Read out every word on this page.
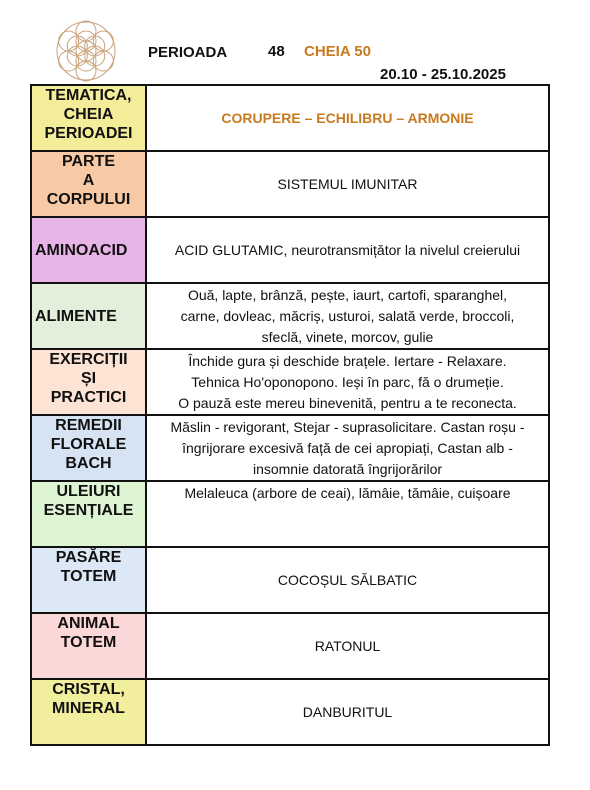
PERIOADA	48 CHEIA 50
20.10 - 25.10.2025
TEMATICA,
CHEIA
PERIOADEI	CORUPERE – ECHILIBRU – ARMONIE

PARTE
A
CORPULUI	SISTEMUL IMUNITAR

AMINOACID	ACID GLUTAMIC, neurotransmițător la nivelul creierului

ALIMENTE	Ouă, lapte, brânză, pește, iaurt, cartofi, sparanghel,
carne, dovleac, măcriș, usturoi, salată verde, broccoli,
sfeclă, vinete, morcov, gulie

EXERCIȚII
ȘI
PRACTICI	Închide gura și deschide brațele. Iertare - Relaxare.
Tehnica Ho'oponopono. Ieși în parc, fă o drumeție.
O pauză este mereu binevenită, pentru a te reconecta.

REMEDII
FLORALE
BACH	Măslin - revigorant, Stejar - suprasolicitare. Castan roșu -
îngrijorare excesivă față de cei apropiați, Castan alb -
insomnie datorată îngrijorărilor

ULEIURI
ESENȚIALE	Melaleuca (arbore de ceai), lămâie, tămâie, cuișoare

PASĂRE
TOTEM	COCOȘUL SĂLBATIC

ANIMAL
TOTEM	RATONUL

CRISTAL,
MINERAL	DANBURITUL
